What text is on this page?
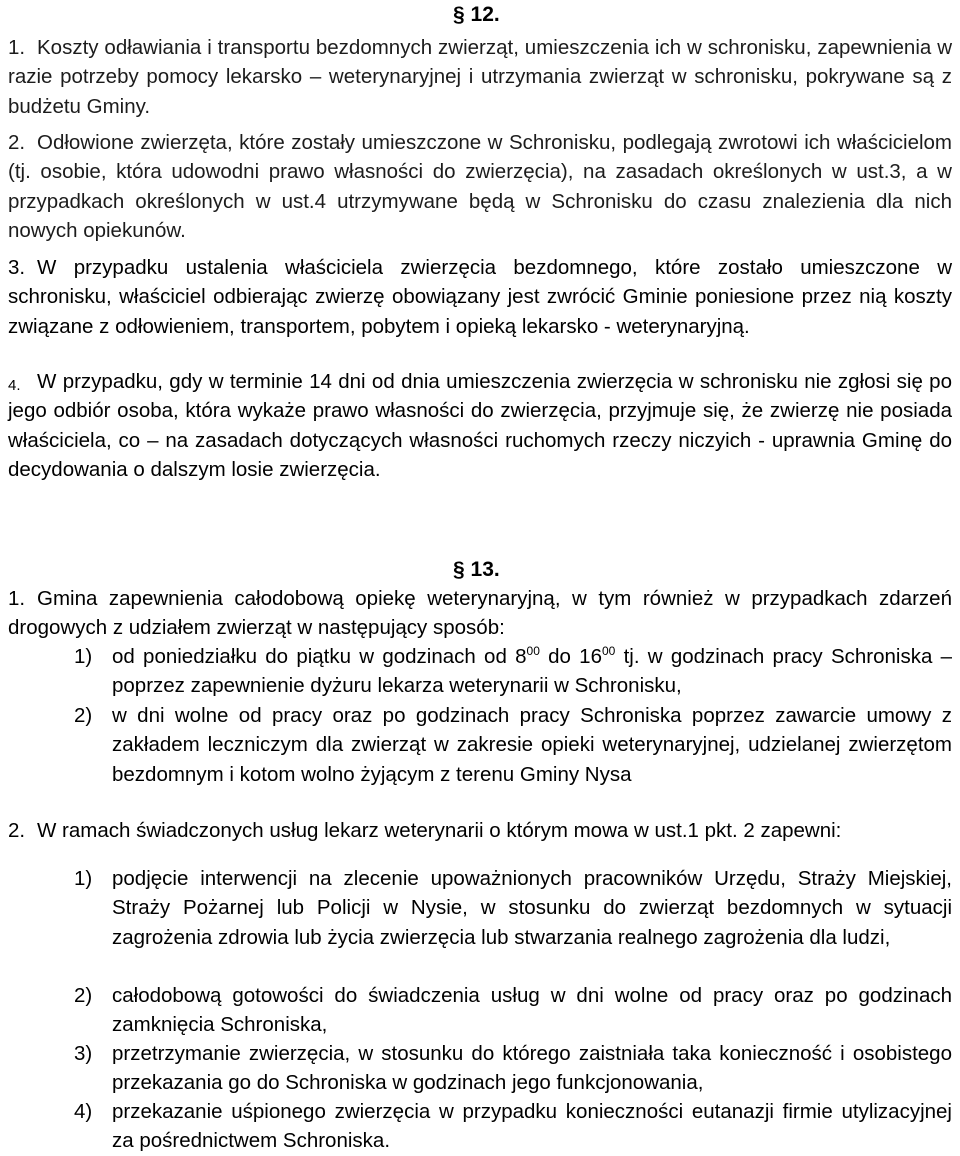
§ 12.
1. Koszty odławiania i transportu bezdomnych zwierząt, umieszczenia ich w schronisku, zapewnienia w razie potrzeby pomocy lekarsko – weterynaryjnej i utrzymania zwierząt w schronisku, pokrywane są z budżetu Gminy.
2. Odłowione zwierzęta, które zostały umieszczone w Schronisku, podlegają zwrotowi ich właścicielom (tj. osobie, która udowodni prawo własności do zwierzęcia), na zasadach określonych w ust.3, a w przypadkach określonych w ust.4 utrzymywane będą w Schronisku do czasu znalezienia dla nich nowych opiekunów.
3. W przypadku ustalenia właściciela zwierzęcia bezdomnego, które zostało umieszczone w schronisku, właściciel odbierając zwierzę obowiązany jest zwrócić Gminie poniesione przez nią koszty związane z odłowieniem, transportem, pobytem i opieką lekarsko - weterynaryjną.
4. W przypadku, gdy w terminie 14 dni od dnia umieszczenia zwierzęcia w schronisku nie zgłosi się po jego odbiór osoba, która wykaże prawo własności do zwierzęcia, przyjmuje się, że zwierzę nie posiada właściciela, co – na zasadach dotyczących własności ruchomych rzeczy niczyich - uprawnia Gminę do decydowania o dalszym losie zwierzęcia.
§ 13.
1. Gmina zapewnienia całodobową opiekę weterynaryjną, w tym również w przypadkach zdarzeń drogowych z udziałem zwierząt w następujący sposób:
1) od poniedziałku do piątku w godzinach od $8^{00}$ do $16^{00}$ tj. w godzinach pracy Schroniska – poprzez zapewnienie dyżuru lekarza weterynarii w Schronisku,
2) w dni wolne od pracy oraz po godzinach pracy Schroniska poprzez zawarcie umowy z zakładem leczniczym dla zwierząt w zakresie opieki weterynaryjnej, udzielanej zwierzętom bezdomnym i kotom wolno żyjącym z terenu Gminy Nysa
2. W ramach świadczonych usług lekarz weterynarii o którym mowa w ust.1 pkt. 2 zapewni:
1) podjęcie interwencji na zlecenie upoważnionych pracowników Urzędu, Straży Miejskiej, Straży Pożarnej lub Policji w Nysie, w stosunku do zwierząt bezdomnych w sytuacji zagrożenia zdrowia lub życia zwierzęcia lub stwarzania realnego zagrożenia dla ludzi,
2) całodobową gotowości do świadczenia usług w dni wolne od pracy oraz po godzinach zamknięcia Schroniska,
3) przetrzymanie zwierzęcia, w stosunku do którego zaistniała taka konieczność i osobistego przekazania go do Schroniska w godzinach jego funkcjonowania,
4) przekazanie uśpionego zwierzęcia w przypadku konieczności eutanazji firmie utylizacyjnej za pośrednictwem Schroniska.
